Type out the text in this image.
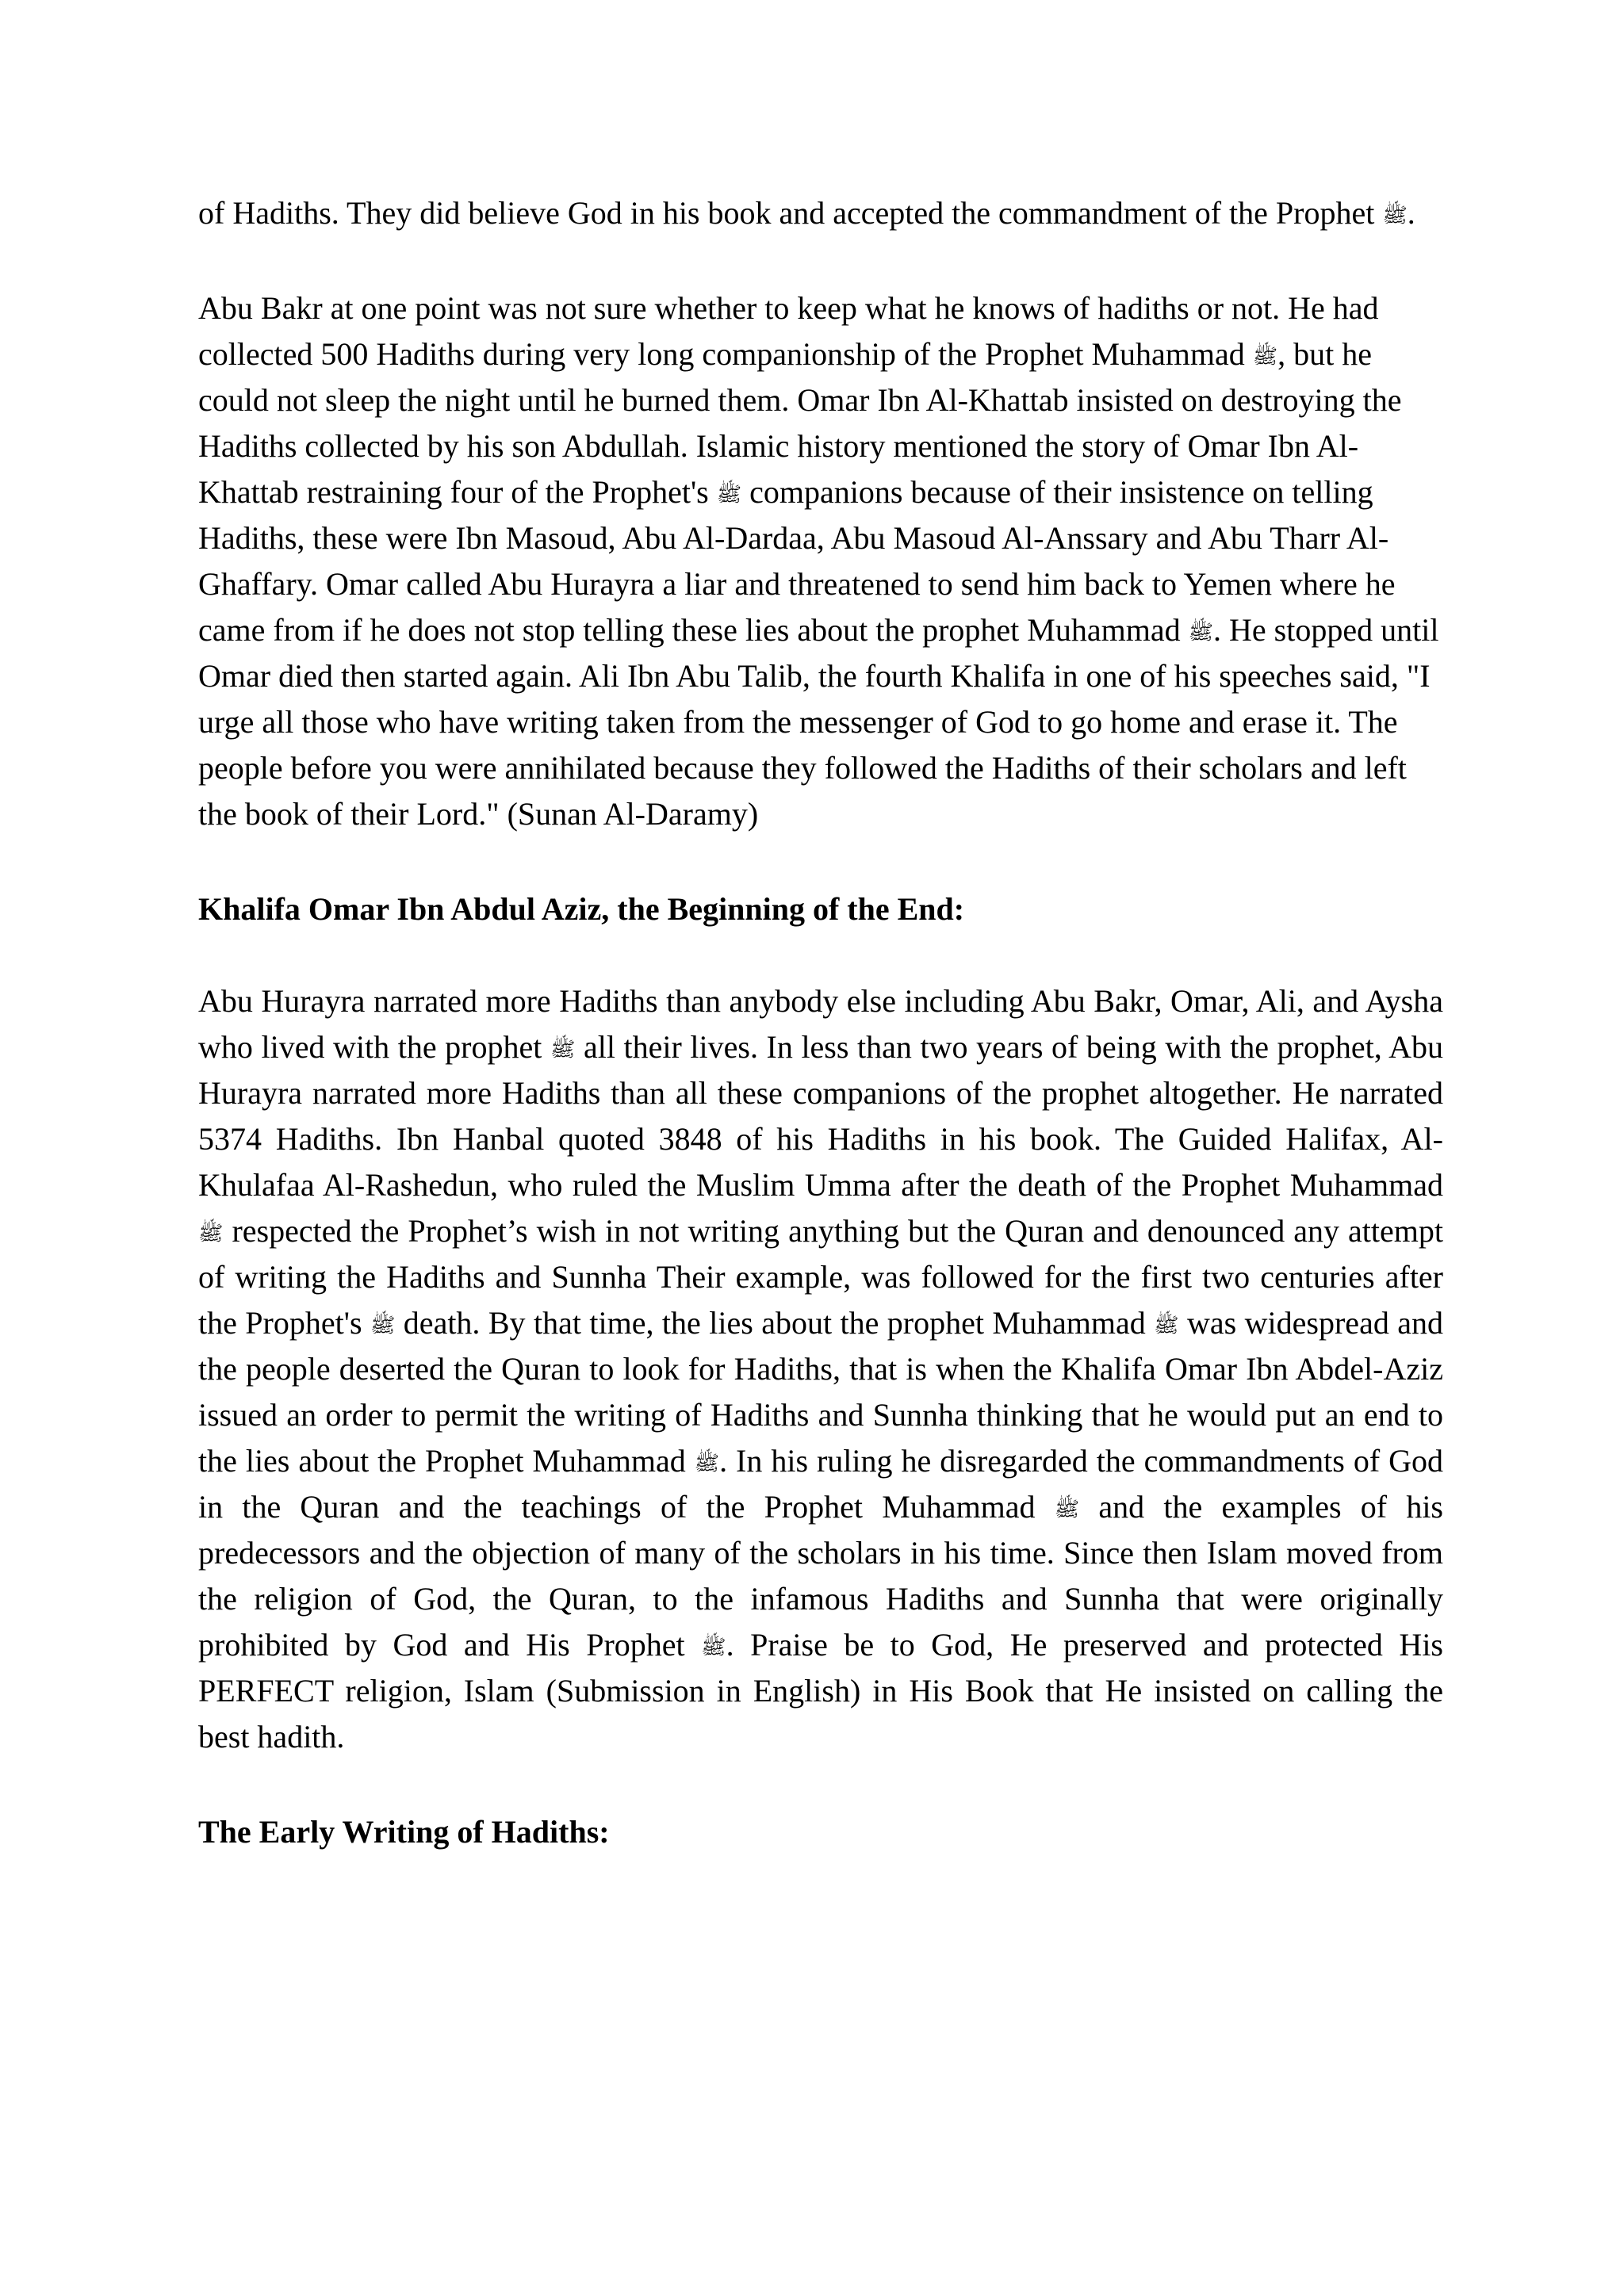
of Hadiths. They did believe God in his book and accepted the commandment of the Prophet ﷺ.

Abu Bakr at one point was not sure whether to keep what he knows of hadiths or not. He had collected 500 Hadiths during very long companionship of the Prophet Muhammad ﷺ, but he could not sleep the night until he burned them. Omar Ibn Al-Khattab insisted on destroying the Hadiths collected by his son Abdullah. Islamic history mentioned the story of Omar Ibn Al-Khattab restraining four of the Prophet's ﷺ companions because of their insistence on telling Hadiths, these were Ibn Masoud, Abu Al-Dardaa, Abu Masoud Al-Anssary and Abu Tharr Al-Ghaffary. Omar called Abu Hurayra a liar and threatened to send him back to Yemen where he came from if he does not stop telling these lies about the prophet Muhammad ﷺ. He stopped until Omar died then started again. Ali Ibn Abu Talib, the fourth Khalifa in one of his speeches said, "I urge all those who have writing taken from the messenger of God to go home and erase it. The people before you were annihilated because they followed the Hadiths of their scholars and left the book of their Lord." (Sunan Al-Daramy)

Khalifa Omar Ibn Abdul Aziz, the Beginning of the End:

Abu Hurayra narrated more Hadiths than anybody else including Abu Bakr, Omar, Ali, and Aysha who lived with the prophet ﷺ all their lives. In less than two years of being with the prophet, Abu Hurayra narrated more Hadiths than all these companions of the prophet altogether. He narrated 5374 Hadiths. Ibn Hanbal quoted 3848 of his Hadiths in his book. The Guided Halifax, Al-Khulafaa Al-Rashedun, who ruled the Muslim Umma after the death of the Prophet Muhammad ﷺ respected the Prophet’s wish in not writing anything but the Quran and denounced any attempt of writing the Hadiths and Sunnha Their example, was followed for the first two centuries after the Prophet's ﷺ death. By that time, the lies about the prophet Muhammad ﷺ was widespread and the people deserted the Quran to look for Hadiths, that is when the Khalifa Omar Ibn Abdel-Aziz issued an order to permit the writing of Hadiths and Sunnha thinking that he would put an end to the lies about the Prophet Muhammad ﷺ. In his ruling he disregarded the commandments of God in the Quran and the teachings of the Prophet Muhammad ﷺ and the examples of his predecessors and the objection of many of the scholars in his time. Since then Islam moved from the religion of God, the Quran, to the infamous Hadiths and Sunnha that were originally prohibited by God and His Prophet ﷺ. Praise be to God, He preserved and protected His PERFECT religion, Islam (Submission in English) in His Book that He insisted on calling the best hadith.

The Early Writing of Hadiths:
